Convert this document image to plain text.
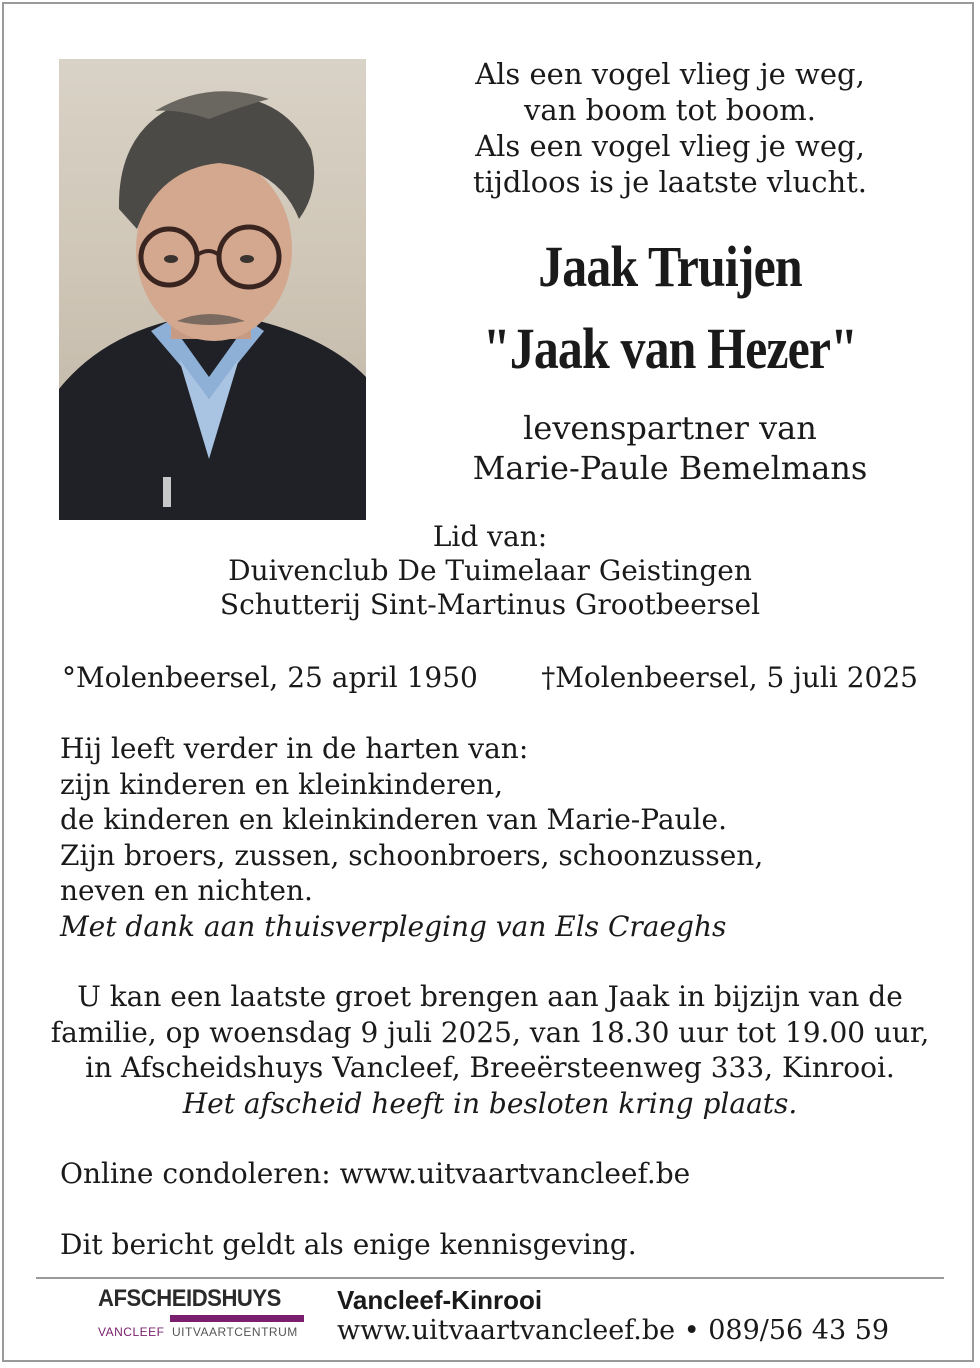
Als een vogel vlieg je weg,
van boom tot boom.
Als een vogel vlieg je weg,
tijdloos is je laatste vlucht.
Jaak Truijen
"Jaak van Hezer"
levenspartner van
Marie-Paule Bemelmans
Lid van:
Duivenclub De Tuimelaar Geistingen
Schutterij Sint-Martinus Grootbeersel
°Molenbeersel, 25 april 1950 †Molenbeersel, 5 juli 2025
Hij leeft verder in de harten van:
zijn kinderen en kleinkinderen,
de kinderen en kleinkinderen van Marie-Paule.
Zijn broers, zussen, schoonbroers, schoonzussen,
neven en nichten.
Met dank aan thuisverpleging van Els Craeghs
U kan een laatste groet brengen aan Jaak in bijzijn van de
familie, op woensdag 9 juli 2025, van 18.30 uur tot 19.00 uur,
in Afscheidshuys Vancleef, Breeërsteenweg 333, Kinrooi.
Het afscheid heeft in besloten kring plaats.
Online condoleren: www.uitvaartvancleef.be
Dit bericht geldt als enige kennisgeving.
AFSCHEIDSHUYS
VANCLEEF UITVAARTCENTRUM
Vancleef-Kinrooi
www.uitvaartvancleef.be • 089/56 43 59
